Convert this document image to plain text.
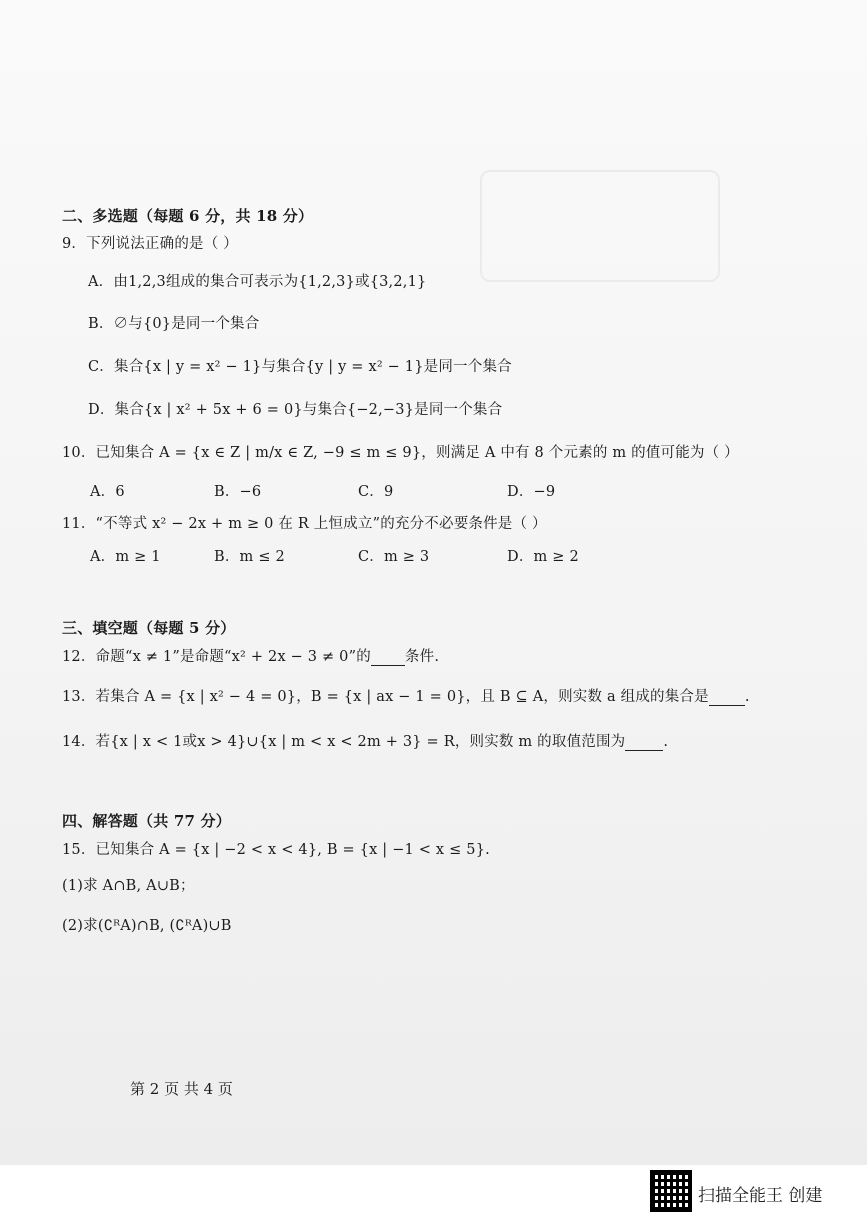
二、多选题（每题 6 分，共 18 分）
9．下列说法正确的是（ ）
A．由1,2,3组成的集合可表示为{1,2,3}或{3,2,1}
B．∅与{0}是同一个集合
C．集合{x | y = x² − 1}与集合{y | y = x² − 1}是同一个集合
D．集合{x | x² + 5x + 6 = 0}与集合{−2,−3}是同一个集合
10．已知集合 A = {x ∈ Z | m/x ∈ Z, −9 ≤ m ≤ 9}，则满足 A 中有 8 个元素的 m 的值可能为（ ）
A．6	B．−6	C．9	D．−9
11．“不等式 x² − 2x + m ≥ 0 在 R 上恒成立”的充分不必要条件是（ ）
A．m ≥ 1	B．m ≤ 2	C．m ≥ 3	D．m ≥ 2
三、填空题（每题 5 分）
12．命题“x ≠ 1”是命题“x² + 2x − 3 ≠ 0”的 条件.
13．若集合 A = {x | x² − 4 = 0}，B = {x | ax − 1 = 0}，且 B ⊆ A，则实数 a 组成的集合是 .
14．若{x | x < 1或x > 4}∪{x | m < x < 2m + 3} = R，则实数 m 的取值范围为	.
四、解答题（共 77 分）
15．已知集合 A = {x | −2 < x < 4}, B = {x | −1 < x ≤ 5}.
(1)求 A∩B, A∪B；
(2)求(∁ᴿA)∩B, (∁ᴿA)∪B
第 2 页 共 4 页
扫描全能王 创建
